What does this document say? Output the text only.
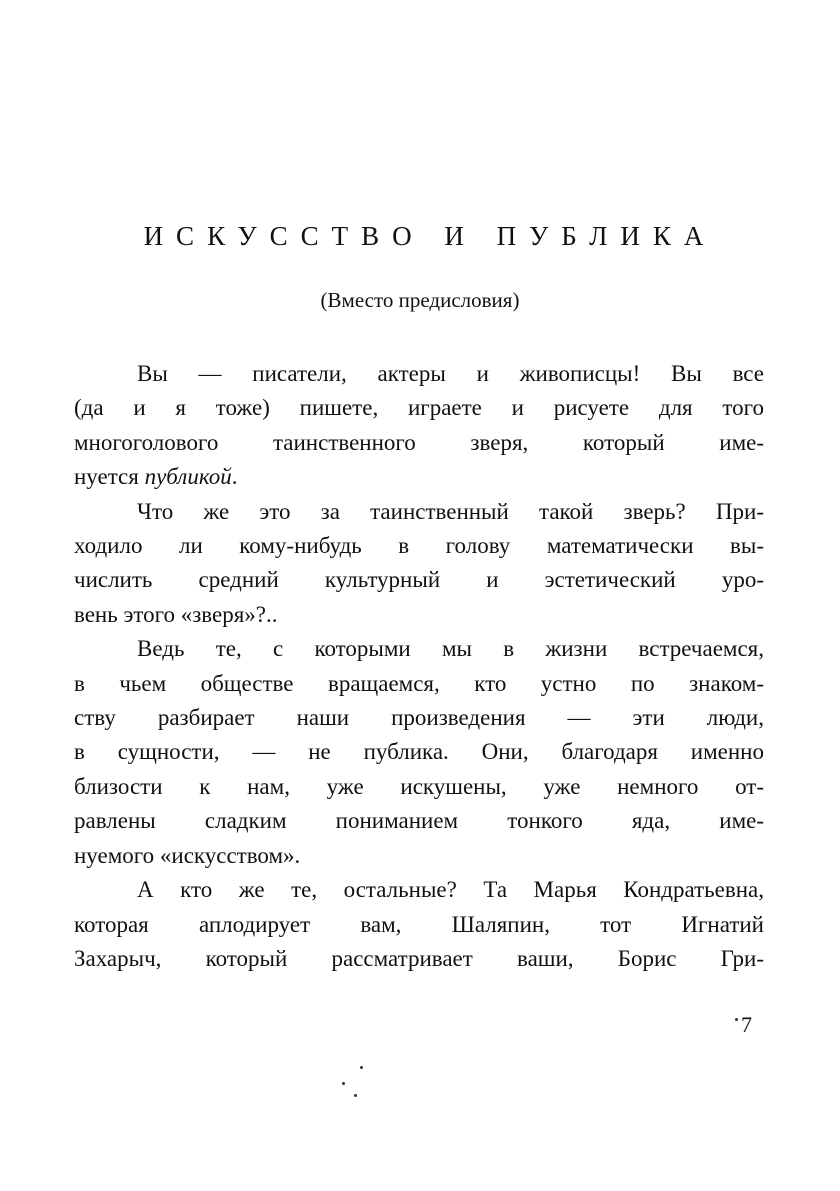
ИСКУССТВО И ПУБЛИКА
(Вместо предисловия)
Вы — писатели, актеры и живописцы! Вы все
(да и я тоже) пишете, играете и рисуете для того
многоголового таинственного зверя, который име-
нуется публикой.
Что же это за таинственный такой зверь? При-
ходило ли кому-нибудь в голову математически вы-
числить средний культурный и эстетический уро-
вень этого «зверя»?..
Ведь те, с которыми мы в жизни встречаемся,
в чьем обществе вращаемся, кто устно по знаком-
ству разбирает наши произведения — эти люди,
в сущности, — не публика. Они, благодаря именно
близости к нам, уже искушены, уже немного от-
равлены сладким пониманием тонкого яда, име-
нуемого «искусством».
А кто же те, остальные? Та Марья Кондратьевна,
которая аплодирует вам, Шаляпин, тот Игнатий
Захарыч, который рассматривает ваши, Борис Гри-
7
